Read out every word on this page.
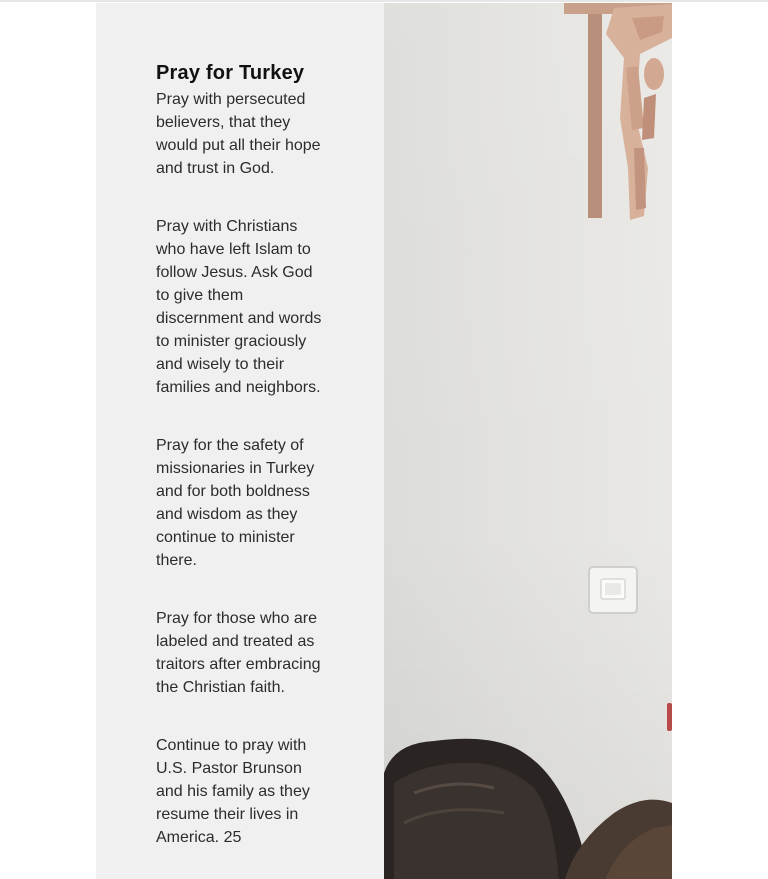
Pray for Turkey

Pray with persecuted believers, that they would put all their hope and trust in God.

Pray with Christians who have left Islam to follow Jesus. Ask God to give them discernment and words to minister graciously and wisely to their families and neighbors.

Pray for the safety of missionaries in Turkey and for both boldness and wisdom as they continue to minister there.

Pray for those who are labeled and treated as traitors after embracing the Christian faith.

Continue to pray with U.S. Pastor Brunson and his family as they resume their lives in America. 25
